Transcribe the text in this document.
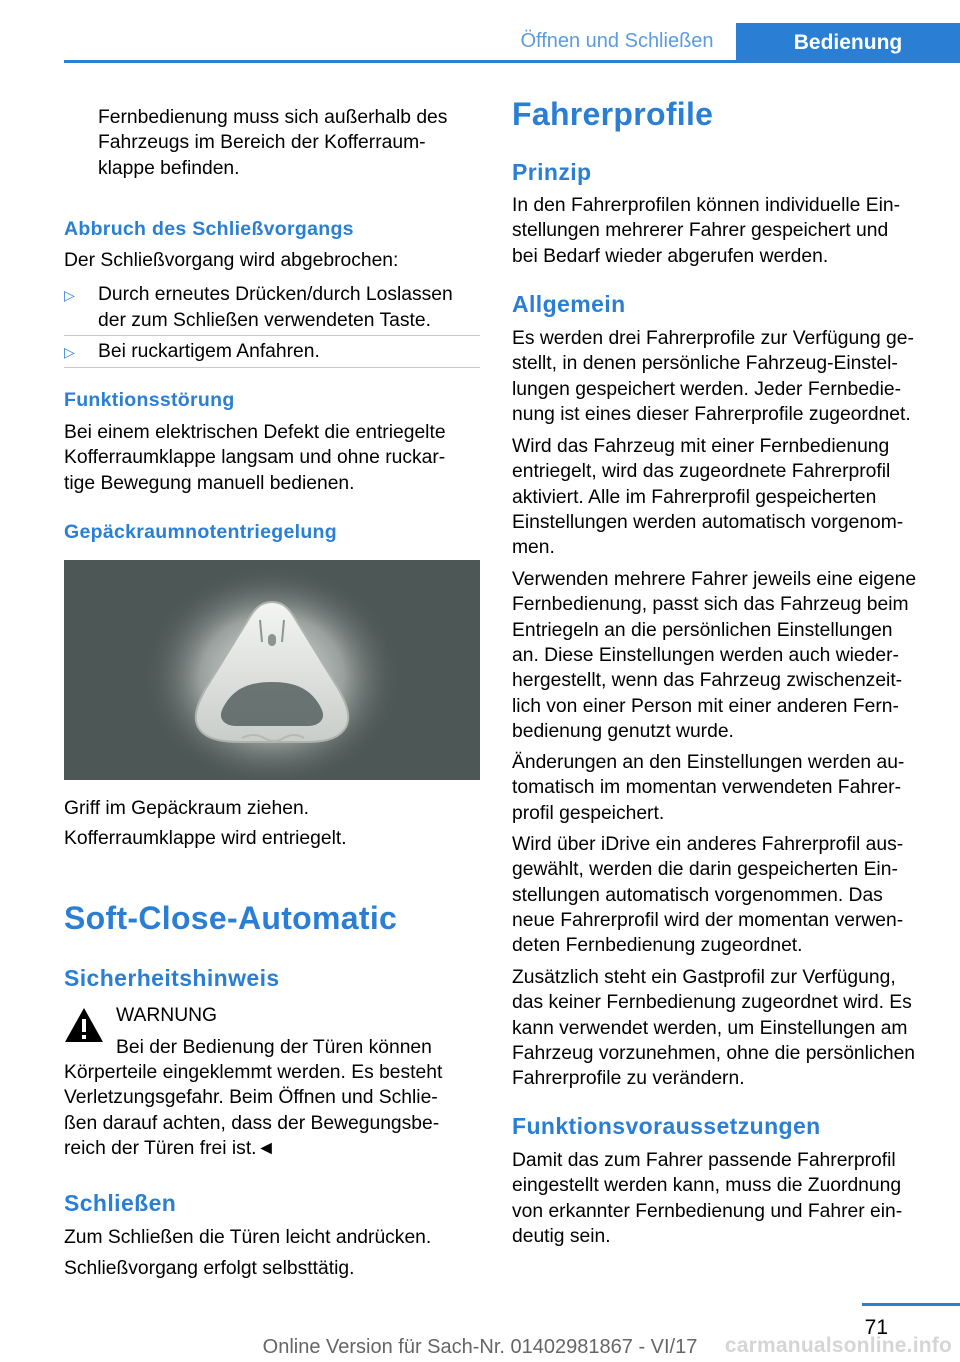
Öffnen und Schließen	Bedienung

Fernbedienung muss sich außerhalb des

Fahrzeugs im Bereich der Kofferraum-

klappe befinden.

Abbruch des Schließvorgangs

Der Schließvorgang wird abgebrochen:

▷ Durch erneutes Drücken/durch Loslassen

der zum Schließen verwendeten Taste.

▷ Bei ruckartigem Anfahren.

Funktionsstörung

Bei einem elektrischen Defekt die entriegelte

Kofferraumklappe langsam und ohne ruckar-

tige Bewegung manuell bedienen.

Gepäckraumnotentriegelung

Griff im Gepäckraum ziehen.

Kofferraumklappe wird entriegelt.

Soft-Close-Automatic

Sicherheitshinweis

WARNUNG

Bei der Bedienung der Türen können

Körperteile eingeklemmt werden. Es besteht

Verletzungsgefahr. Beim Öffnen und Schlie-

ßen darauf achten, dass der Bewegungsbe-

reich der Türen frei ist.◄

Schließen

Zum Schließen die Türen leicht andrücken.

Schließvorgang erfolgt selbsttätig.

Fahrerprofile

Prinzip

In den Fahrerprofilen können individuelle Ein-

stellungen mehrerer Fahrer gespeichert und

bei Bedarf wieder abgerufen werden.

Allgemein

Es werden drei Fahrerprofile zur Verfügung ge-

stellt, in denen persönliche Fahrzeug-Einstel-

lungen gespeichert werden. Jeder Fernbedie-

nung ist eines dieser Fahrerprofile zugeordnet.

Wird das Fahrzeug mit einer Fernbedienung

entriegelt, wird das zugeordnete Fahrerprofil

aktiviert. Alle im Fahrerprofil gespeicherten

Einstellungen werden automatisch vorgenom-

men.

Verwenden mehrere Fahrer jeweils eine eigene

Fernbedienung, passt sich das Fahrzeug beim

Entriegeln an die persönlichen Einstellungen

an. Diese Einstellungen werden auch wieder-

hergestellt, wenn das Fahrzeug zwischenzeit-

lich von einer Person mit einer anderen Fern-

bedienung genutzt wurde.

Änderungen an den Einstellungen werden au-

tomatisch im momentan verwendeten Fahrer-

profil gespeichert.

Wird über iDrive ein anderes Fahrerprofil aus-

gewählt, werden die darin gespeicherten Ein-

stellungen automatisch vorgenommen. Das

neue Fahrerprofil wird der momentan verwen-

deten Fernbedienung zugeordnet.

Zusätzlich steht ein Gastprofil zur Verfügung,

das keiner Fernbedienung zugeordnet wird. Es

kann verwendet werden, um Einstellungen am

Fahrzeug vorzunehmen, ohne die persönlichen

Fahrerprofile zu verändern.

Funktionsvoraussetzungen

Damit das zum Fahrer passende Fahrerprofil

eingestellt werden kann, muss die Zuordnung

von erkannter Fernbedienung und Fahrer ein-

deutig sein.

71
carmanualsonline.info
Online Version für Sach-Nr. 01402981867 - VI/17
